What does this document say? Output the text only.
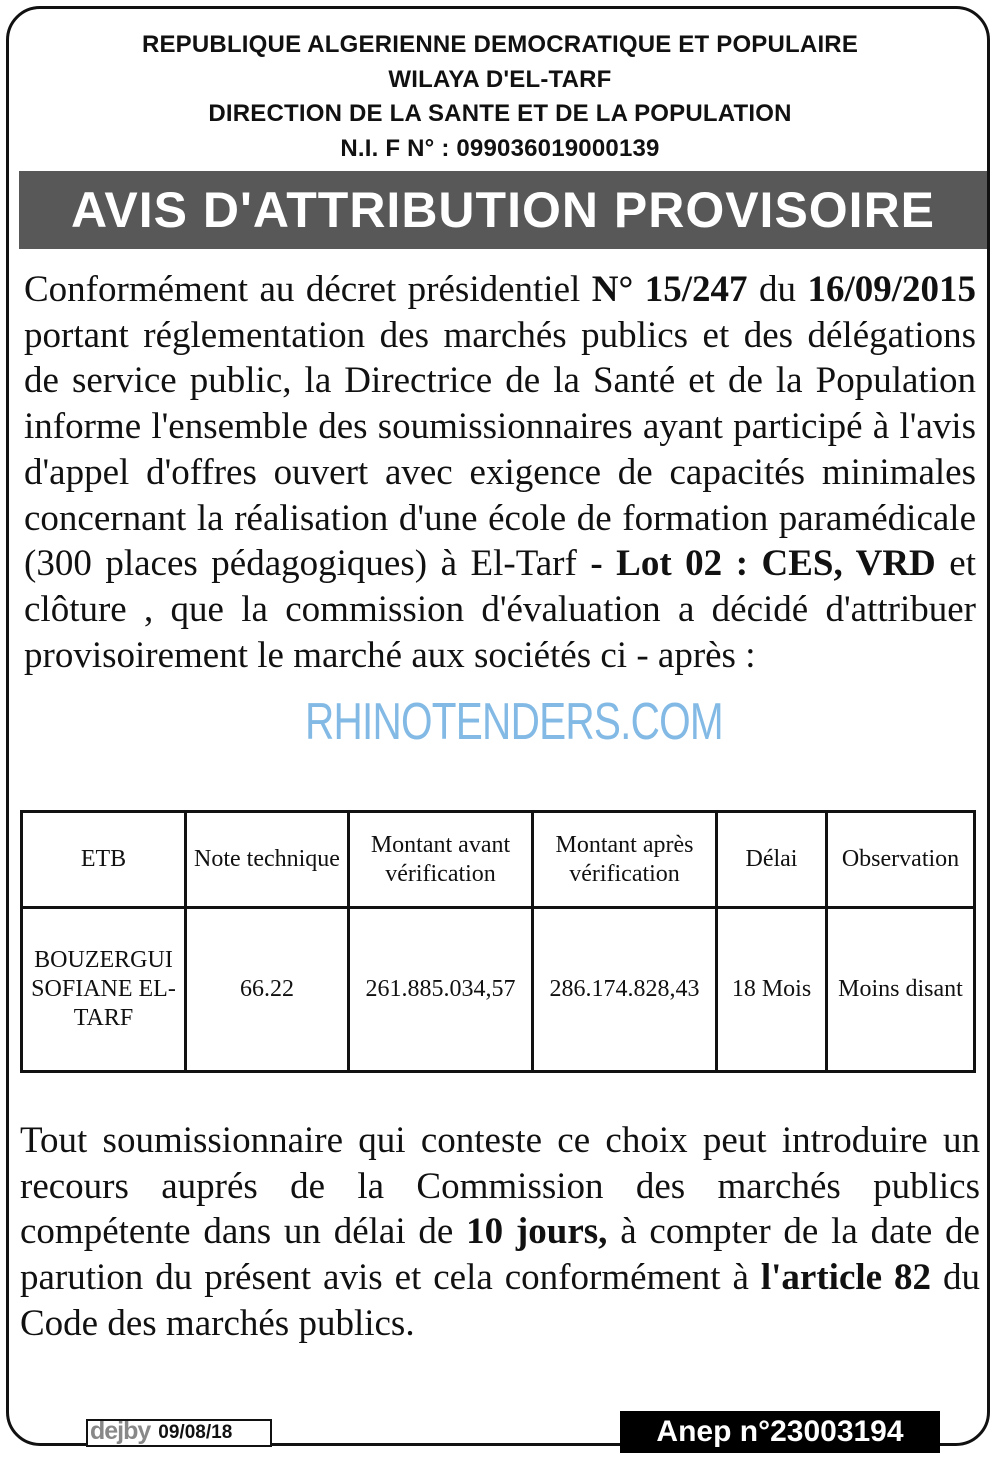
REPUBLIQUE ALGERIENNE DEMOCRATIQUE ET POPULAIRE
WILAYA D'EL-TARF
DIRECTION DE LA SANTE ET DE LA POPULATION
N.I. F N° : 099036019000139
AVIS D'ATTRIBUTION PROVISOIRE
Conformément au décret présidentiel N° 15/247 du 16/09/2015 portant réglementation des marchés publics et des délégations de service public, la Directrice de la Santé et de la Population informe l'ensemble des soumissionnaires ayant participé à l'avis d'appel d'offres ouvert avec exigence de capacités minimales concernant la réalisation d'une école de formation paramédicale (300 places pédagogiques) à El-Tarf - Lot 02 : CES, VRD et clôture , que la commission d'évaluation a décidé d'attribuer provisoirement le marché aux sociétés ci - après :
RHINOTENDERS.COM
ETB	Note technique	Montant avant vérification	Montant après vérification	Délai	Observation
BOUZERGUI SOFIANE EL-TARF	66.22	261.885.034,57	286.174.828,43	18 Mois	Moins disant
Tout soumissionnaire qui conteste ce choix peut introduire un recours auprés de la Commission des marchés publics compétente dans un délai de 10 jours, à compter de la date de parution du présent avis et cela conformément à l'article 82 du Code des marchés publics.
dejby 09/08/18	Anep n°23003194
